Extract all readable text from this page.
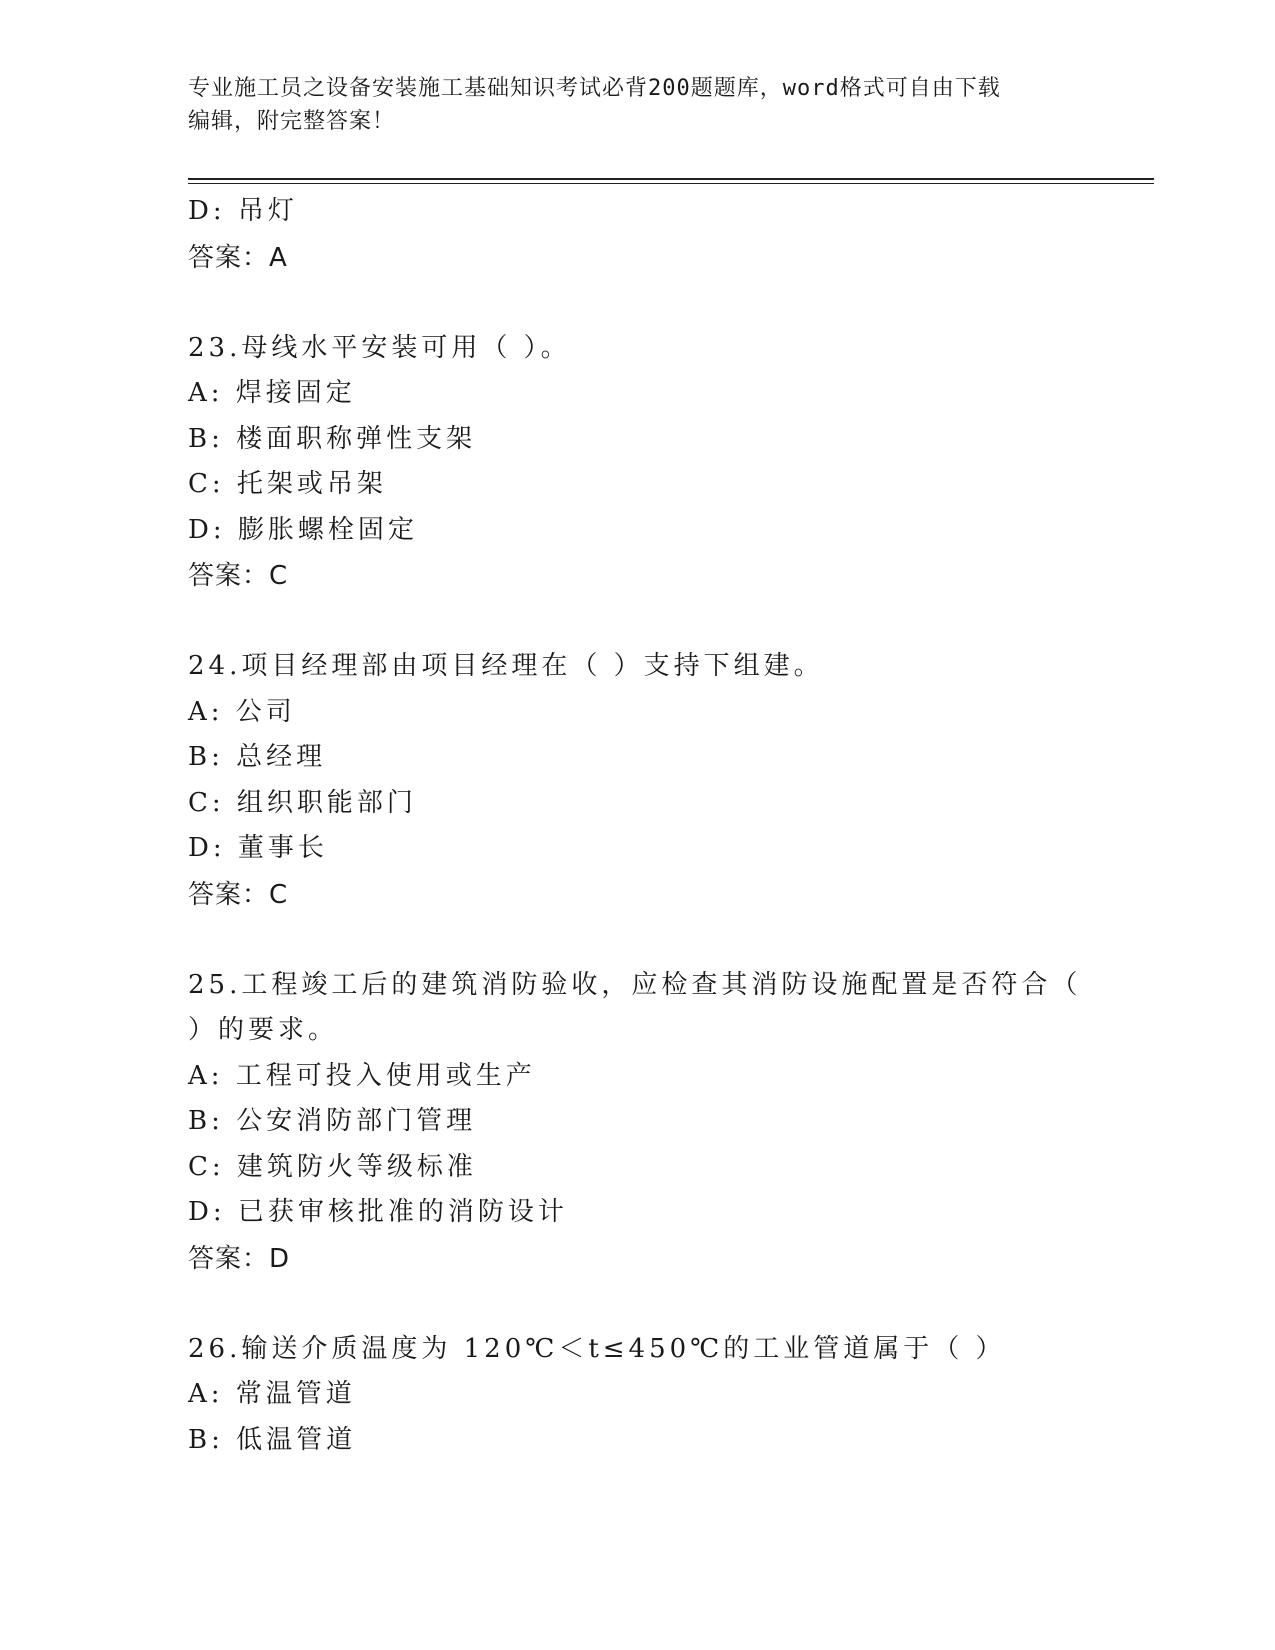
专业施工员之设备安装施工基础知识考试必背200题题库，word格式可自由下载
编辑，附完整答案！
D: 吊灯
答案：A
23.母线水平安装可用（ ）。
A: 焊接固定
B: 楼面职称弹性支架
C: 托架或吊架
D: 膨胀螺栓固定
答案：C
24.项目经理部由项目经理在（ ）支持下组建。
A: 公司
B: 总经理
C: 组织职能部门
D: 董事长
答案：C
25.工程竣工后的建筑消防验收，应检查其消防设施配置是否符合（
）的要求。
A: 工程可投入使用或生产
B: 公安消防部门管理
C: 建筑防火等级标准
D: 已获审核批准的消防设计
答案：D
26.输送介质温度为 120℃＜t≤450℃的工业管道属于（ ）
A: 常温管道
B: 低温管道
